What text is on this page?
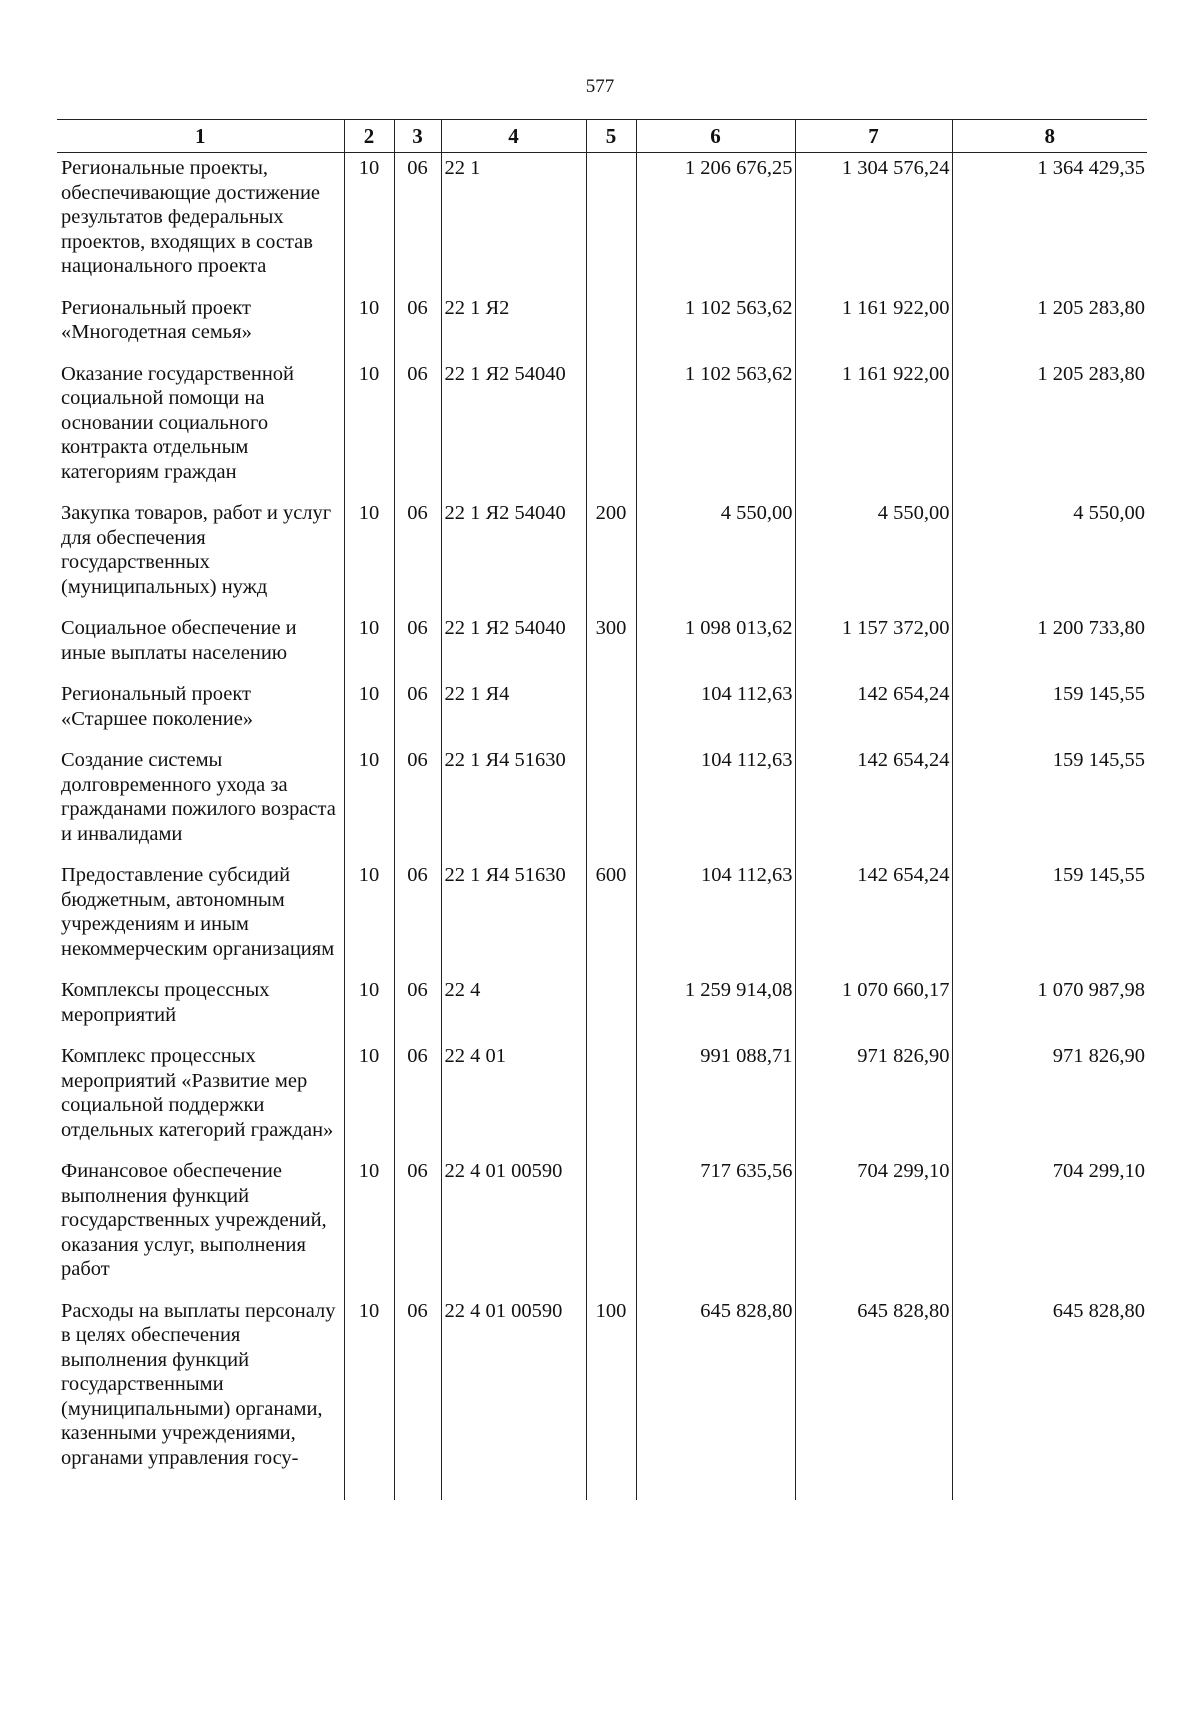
577
1	2	3	4	5	6	7	8
Региональные проекты, обеспечивающие достижение результатов федеральных проектов, входящих в состав национального проекта	10	06	22 1		1 206 676,25	1 304 576,24	1 364 429,35

Региональный проект «Многодетная семья»	10	06	22 1 Я2		1 102 563,62	1 161 922,00	1 205 283,80

Оказание государственной социальной помощи на основании социального контракта отдельным категориям граждан	10	06	22 1 Я2 54040		1 102 563,62	1 161 922,00	1 205 283,80

Закупка товаров, работ и услуг для обеспечения государственных (муниципальных) нужд	10	06	22 1 Я2 54040	200	4 550,00	4 550,00	4 550,00

Социальное обеспечение и иные выплаты населению	10	06	22 1 Я2 54040	300	1 098 013,62	1 157 372,00	1 200 733,80

Региональный проект «Старшее поколение»	10	06	22 1 Я4		104 112,63	142 654,24	159 145,55

Создание системы долговременного ухода за гражданами пожилого возраста и инвалидами	10	06	22 1 Я4 51630		104 112,63	142 654,24	159 145,55

Предоставление субсидий бюджетным, автономным учреждениям и иным некоммерческим организациям	10	06	22 1 Я4 51630	600	104 112,63	142 654,24	159 145,55

Комплексы процессных мероприятий	10	06	22 4		1 259 914,08	1 070 660,17	1 070 987,98

Комплекс процессных мероприятий «Развитие мер социальной поддержки отдельных категорий граждан»	10	06	22 4 01		991 088,71	971 826,90	971 826,90

Финансовое обеспечение выполнения функций государственных учреждений, оказания услуг, выполнения работ	10	06	22 4 01 00590		717 635,56	704 299,10	704 299,10

Расходы на выплаты персоналу в целях обеспечения выполнения функций государственными (муниципальными) органами, казенными учреждениями, органами управления госу-	10	06	22 4 01 00590	100	645 828,80	645 828,80	645 828,80
